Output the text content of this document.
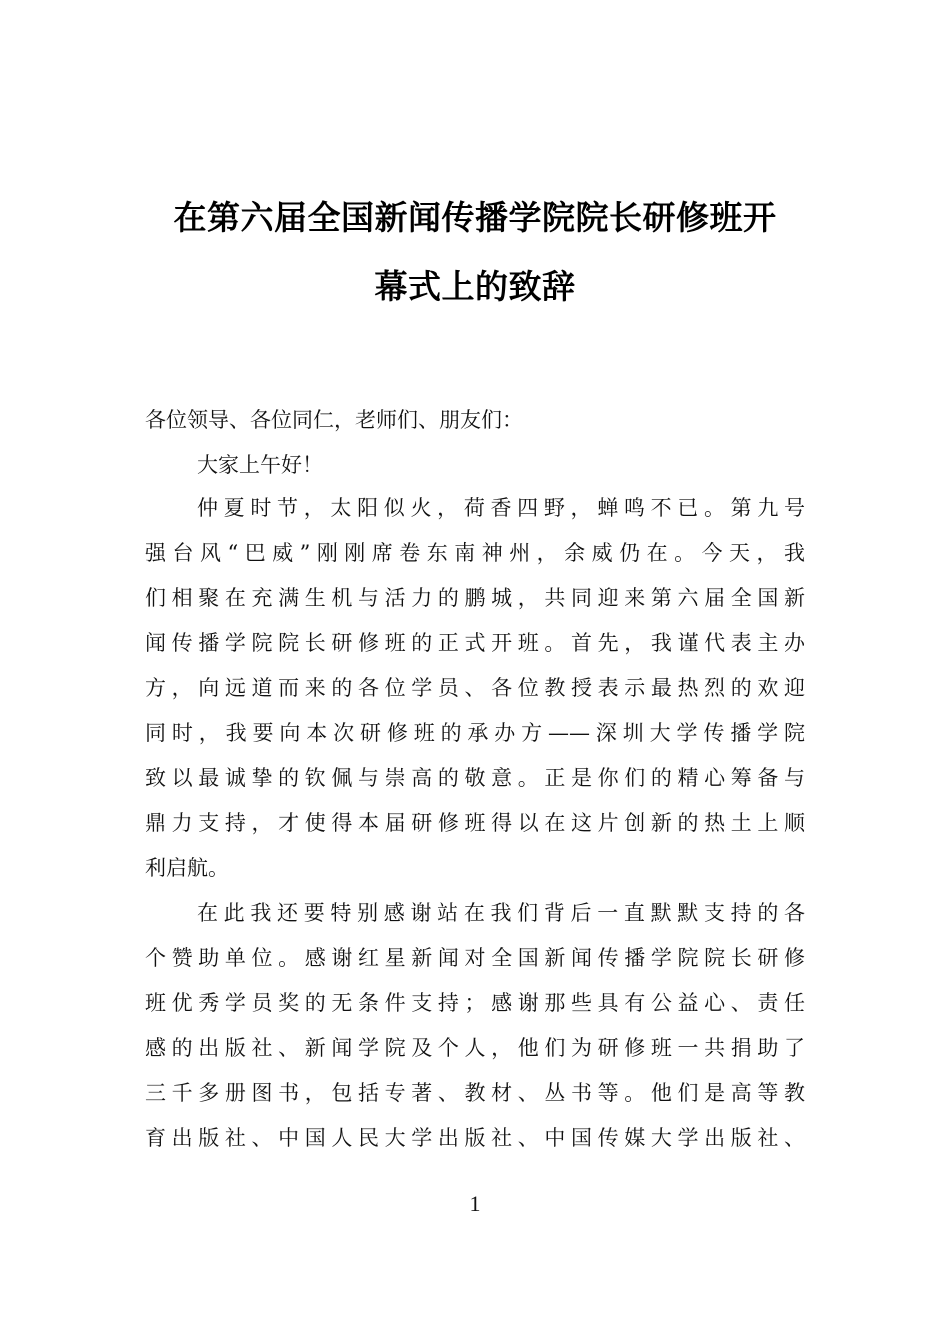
在第六届全国新闻传播学院院长研修班开
幕式上的致辞
各位领导、各位同仁，老师们、朋友们：
大家上午好！
仲夏时节，太阳似火，荷香四野，蝉鸣不已。第九号
强台风“巴威”刚刚席卷东南神州，余威仍在。今天，我
们相聚在充满生机与活力的鹏城，共同迎来第六届全国新
闻传播学院院长研修班的正式开班。首先，我谨代表主办
方，向远道而来的各位学员、各位教授表示最热烈的欢迎
同时，我要向本次研修班的承办方——深圳大学传播学院
致以最诚挚的钦佩与崇高的敬意。正是你们的精心筹备与
鼎力支持，才使得本届研修班得以在这片创新的热土上顺
利启航。
在此我还要特别感谢站在我们背后一直默默支持的各
个赞助单位。感谢红星新闻对全国新闻传播学院院长研修
班优秀学员奖的无条件支持；感谢那些具有公益心、责任
感的出版社、新闻学院及个人，他们为研修班一共捐助了
三千多册图书，包括专著、教材、丛书等。他们是高等教
育出版社、中国人民大学出版社、中国传媒大学出版社、
1
